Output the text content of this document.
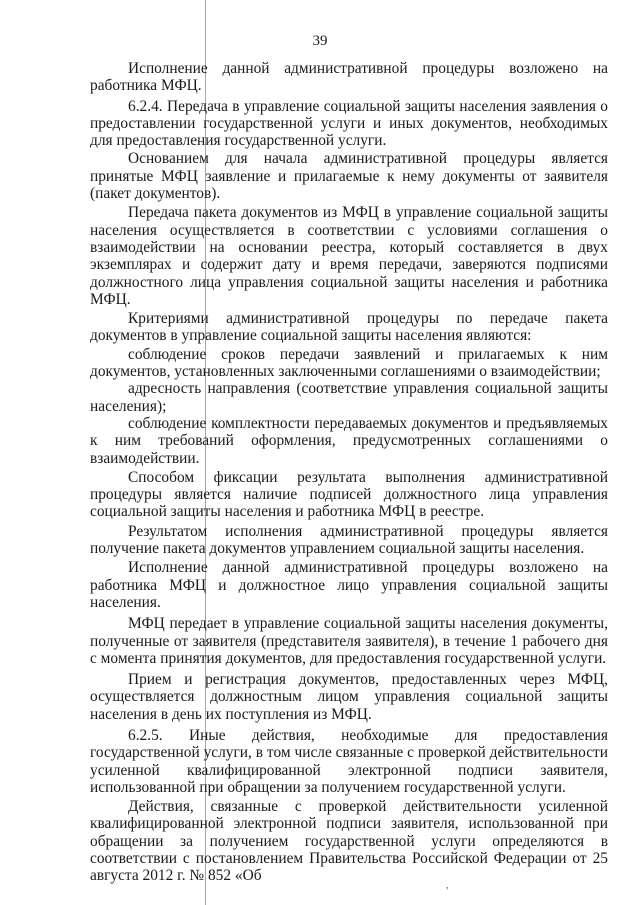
39

Исполнение данной административной процедуры возложено на работника МФЦ.

6.2.4. Передача в управление социальной защиты населения заявления о предоставлении государственной услуги и иных документов, необходимых для предоставления государственной услуги.

Основанием для начала административной процедуры является принятые МФЦ заявление и прилагаемые к нему документы от заявителя (пакет документов).

Передача пакета документов из МФЦ в управление социальной защиты населения осуществляется в соответствии с условиями соглашения о взаимодействии на основании реестра, который составляется в двух экземплярах и содержит дату и время передачи, заверяются подписями должностного лица управления социальной защиты населения и работника МФЦ.

Критериями административной процедуры по передаче пакета документов в управление социальной защиты населения являются:

соблюдение сроков передачи заявлений и прилагаемых к ним документов, установленных заключенными соглашениями о взаимодействии;

адресность направления (соответствие управления социальной защиты населения);

соблюдение комплектности передаваемых документов и предъявляемых к ним требований оформления, предусмотренных соглашениями о взаимодействии.

Способом фиксации результата выполнения административной процедуры является наличие подписей должностного лица управления социальной защиты населения и работника МФЦ в реестре.

Результатом исполнения административной процедуры является получение пакета документов управлением социальной защиты населения.

Исполнение данной административной процедуры возложено на работника МФЦ и должностное лицо управления социальной защиты населения.

МФЦ передает в управление социальной защиты населения документы, полученные от заявителя (представителя заявителя), в течение 1 рабочего дня с момента принятия документов, для предоставления государственной услуги.

Прием и регистрация документов, предоставленных через МФЦ, осуществляется должностным лицом управления социальной защиты населения в день их поступления из МФЦ.

6.2.5. Иные действия, необходимые для предоставления государственной услуги, в том числе связанные с проверкой действительности усиленной квалифицированной электронной подписи заявителя, использованной при обращении за получением государственной услуги.

Действия, связанные с проверкой действительности усиленной квалифицированной электронной подписи заявителя, использованной при обращении за получением государственной услуги определяются в соответствии с постановлением Правительства Российской Федерации от 25 августа 2012 г. № 852 «Об

,
